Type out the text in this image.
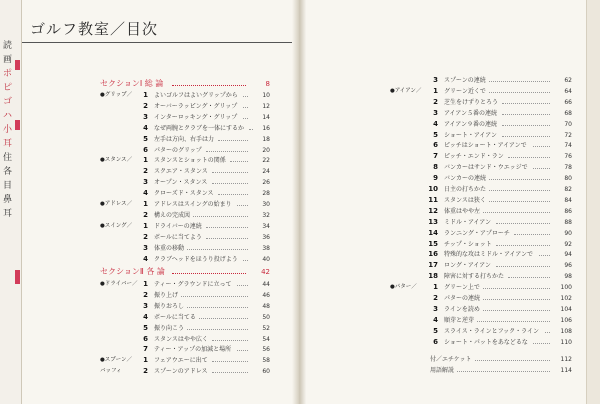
読
画
ポ
ピ
ゴ
ハ
小
耳
住
各
目
鼻
耳
ゴルフ教室／目次
セクションⅠ 総 論	8
●グリップ／	1 よいゴルフはよいグリップから	10
2 オーバーラッピング・グリップ	12
3 インターロッキング・グリップ	14
4 なぜ両腕とクラブを一体にするか	16
5 左手は方向、右手は力	18
6 パターのグリップ	20
●スタンス／	1 スタンスとショットの関係	22
2 スクエア・スタンス	24
3 オープン・スタンス	26
4 クローズド・スタンス	28
●アドレス／	1 アドレスはスイングの始まり	30
2 構えの完成図	32
●スイング／	1 ドライバーの連続	34
2 ボールに当てよう	36
3 体重の移動	38
4 クラブヘッドをほうり投げよう	40
セクションⅡ 各 論	42
●ドライバー／ 1 ティー・グラウンドに立って	44
2 振り上げ	46
3 振りおろし	48
4 ボールに当てる	50
5 振り向こう	52
6 スタンスはやや広く	54
7 ティー・アップの加減と場所	56
●スプーン／	1 フェアウエーに出て	58
バッフィ	2 スプーンのアドレス	60
3 スプーンの連続	62
●アイアン／	1 グリーン近くで	64
2 芝生をけずりとろう	66
3 アイアン５番の連続	68
4 アイアン９番の連続	70
5 ショート・アイアン	72
6 ピッチはショート・アイアンで	74
7 ピッチ・エンド・ラン	76
8 バンカーはサンド・ウエッジで	78
9 バンカーの連続	80
10 日主の打ちかた	82
11 スタンスは狭く	84
12 体重はやや左	86
13 ミドル・アイアン	88
14 ランニング・アプローチ	90
15 チップ・ショット	92
16 特殊的な攻はミドル・アイアンで	94
17 ロング・アイアン	96
18 障害に対する打ちかた	98
●パター／	1 グリーン上で	100
2 パターの連続	102
3 ラインを読め	104
4 順芽と逆芽	106
5 スライス・ラインとフック・ライン	108
6 ショート・パットをあなどるな	110
付／エチケット	112
用語解説	114
